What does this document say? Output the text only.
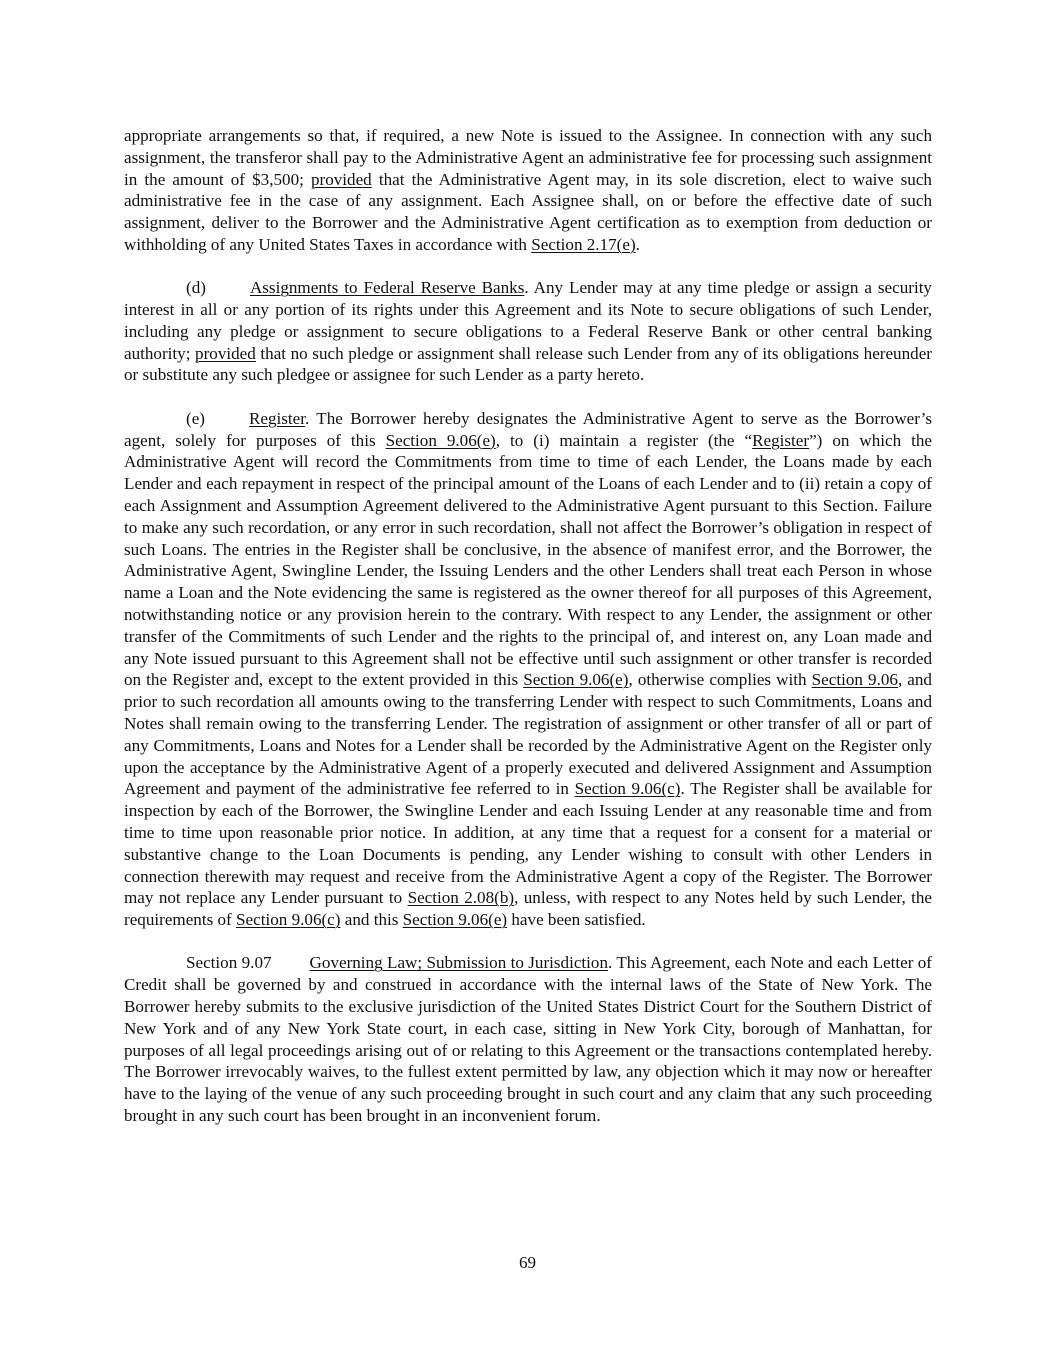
appropriate arrangements so that, if required, a new Note is issued to the Assignee. In connection with any such assignment, the transferor shall pay to the Administrative Agent an administrative fee for processing such assignment in the amount of $3,500; provided that the Administrative Agent may, in its sole discretion, elect to waive such administrative fee in the case of any assignment. Each Assignee shall, on or before the effective date of such assignment, deliver to the Borrower and the Administrative Agent certification as to exemption from deduction or withholding of any United States Taxes in accordance with Section 2.17(e).

(d)	Assignments to Federal Reserve Banks. Any Lender may at any time pledge or assign a security interest in all or any portion of its rights under this Agreement and its Note to secure obligations of such Lender, including any pledge or assignment to secure obligations to a Federal Reserve Bank or other central banking authority; provided that no such pledge or assignment shall release such Lender from any of its obligations hereunder or substitute any such pledgee or assignee for such Lender as a party hereto.

(e)	Register. The Borrower hereby designates the Administrative Agent to serve as the Borrower’s agent, solely for purposes of this Section 9.06(e), to (i) maintain a register (the “Register”) on which the Administrative Agent will record the Commitments from time to time of each Lender, the Loans made by each Lender and each repayment in respect of the principal amount of the Loans of each Lender and to (ii) retain a copy of each Assignment and Assumption Agreement delivered to the Administrative Agent pursuant to this Section. Failure to make any such recordation, or any error in such recordation, shall not affect the Borrower’s obligation in respect of such Loans. The entries in the Register shall be conclusive, in the absence of manifest error, and the Borrower, the Administrative Agent, Swingline Lender, the Issuing Lenders and the other Lenders shall treat each Person in whose name a Loan and the Note evidencing the same is registered as the owner thereof for all purposes of this Agreement, notwithstanding notice or any provision herein to the contrary. With respect to any Lender, the assignment or other transfer of the Commitments of such Lender and the rights to the principal of, and interest on, any Loan made and any Note issued pursuant to this Agreement shall not be effective until such assignment or other transfer is recorded on the Register and, except to the extent provided in this Section 9.06(e), otherwise complies with Section 9.06, and prior to such recordation all amounts owing to the transferring Lender with respect to such Commitments, Loans and Notes shall remain owing to the transferring Lender. The registration of assignment or other transfer of all or part of any Commitments, Loans and Notes for a Lender shall be recorded by the Administrative Agent on the Register only upon the acceptance by the Administrative Agent of a properly executed and delivered Assignment and Assumption Agreement and payment of the administrative fee referred to in Section 9.06(c). The Register shall be available for inspection by each of the Borrower, the Swingline Lender and each Issuing Lender at any reasonable time and from time to time upon reasonable prior notice. In addition, at any time that a request for a consent for a material or substantive change to the Loan Documents is pending, any Lender wishing to consult with other Lenders in connection therewith may request and receive from the Administrative Agent a copy of the Register. The Borrower may not replace any Lender pursuant to Section 2.08(b), unless, with respect to any Notes held by such Lender, the requirements of Section 9.06(c) and this Section 9.06(e) have been satisfied.

Section 9.07 Governing Law; Submission to Jurisdiction. This Agreement, each Note and each Letter of Credit shall be governed by and construed in accordance with the internal laws of the State of New York. The Borrower hereby submits to the exclusive jurisdiction of the United States District Court for the Southern District of New York and of any New York State court, in each case, sitting in New York City, borough of Manhattan, for purposes of all legal proceedings arising out of or relating to this Agreement or the transactions contemplated hereby. The Borrower irrevocably waives, to the fullest extent permitted by law, any objection which it may now or hereafter have to the laying of the venue of any such proceeding brought in such court and any claim that any such proceeding brought in any such court has been brought in an inconvenient forum.

69
